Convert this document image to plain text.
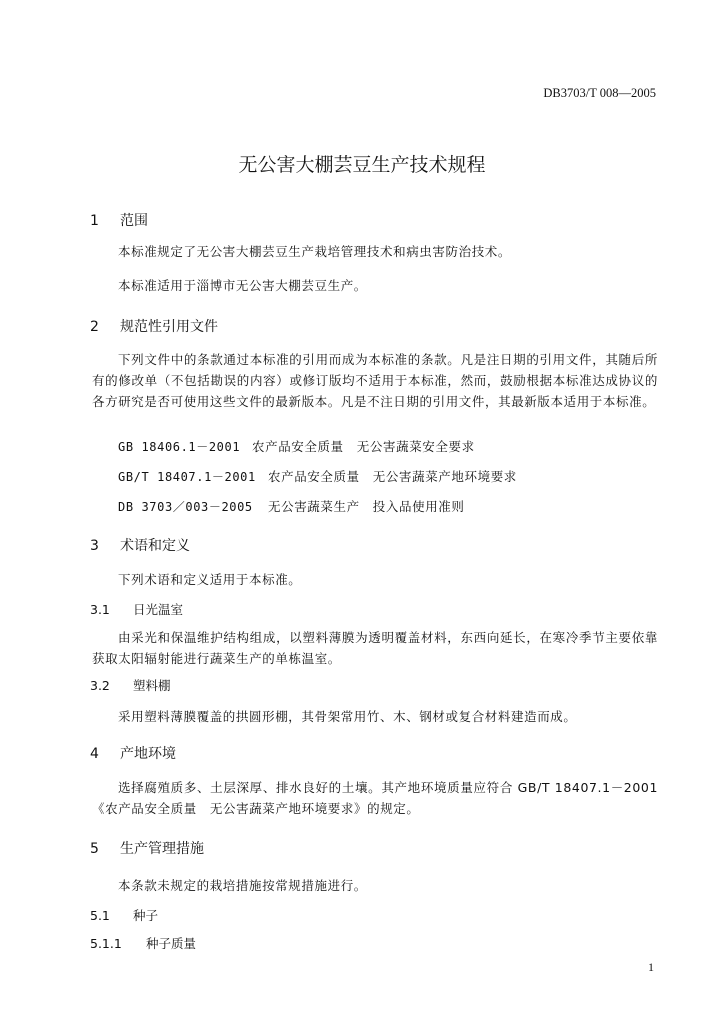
DB3703/T 008—2005
无公害大棚芸豆生产技术规程
1 范围
本标准规定了无公害大棚芸豆生产栽培管理技术和病虫害防治技术。
本标准适用于淄博市无公害大棚芸豆生产。
2 规范性引用文件
下列文件中的条款通过本标准的引用而成为本标准的条款。凡是注日期的引用文件，其随后所有的修改单（不包括勘误的内容）或修订版均不适用于本标准，然而，鼓励根据本标准达成协议的各方研究是否可使用这些文件的最新版本。凡是不注日期的引用文件，其最新版本适用于本标准。
GB 18406.1－2001 农产品安全质量　无公害蔬菜安全要求
GB/T 18407.1－2001 农产品安全质量　无公害蔬菜产地环境要求
DB 3703／003－2005 无公害蔬菜生产　投入品使用准则
3 术语和定义
下列术语和定义适用于本标准。
3.1 日光温室
由采光和保温维护结构组成，以塑料薄膜为透明覆盖材料，东西向延长，在寒冷季节主要依靠获取太阳辐射能进行蔬菜生产的单栋温室。
3.2 塑料棚
采用塑料薄膜覆盖的拱圆形棚，其骨架常用竹、木、钢材或复合材料建造而成。
4 产地环境
选择腐殖质多、土层深厚、排水良好的土壤。其产地环境质量应符合 GB/T 18407.1－2001《农产品安全质量　无公害蔬菜产地环境要求》的规定。
5 生产管理措施
本条款未规定的栽培措施按常规措施进行。
5.1 种子
5.1.1 种子质量
1
